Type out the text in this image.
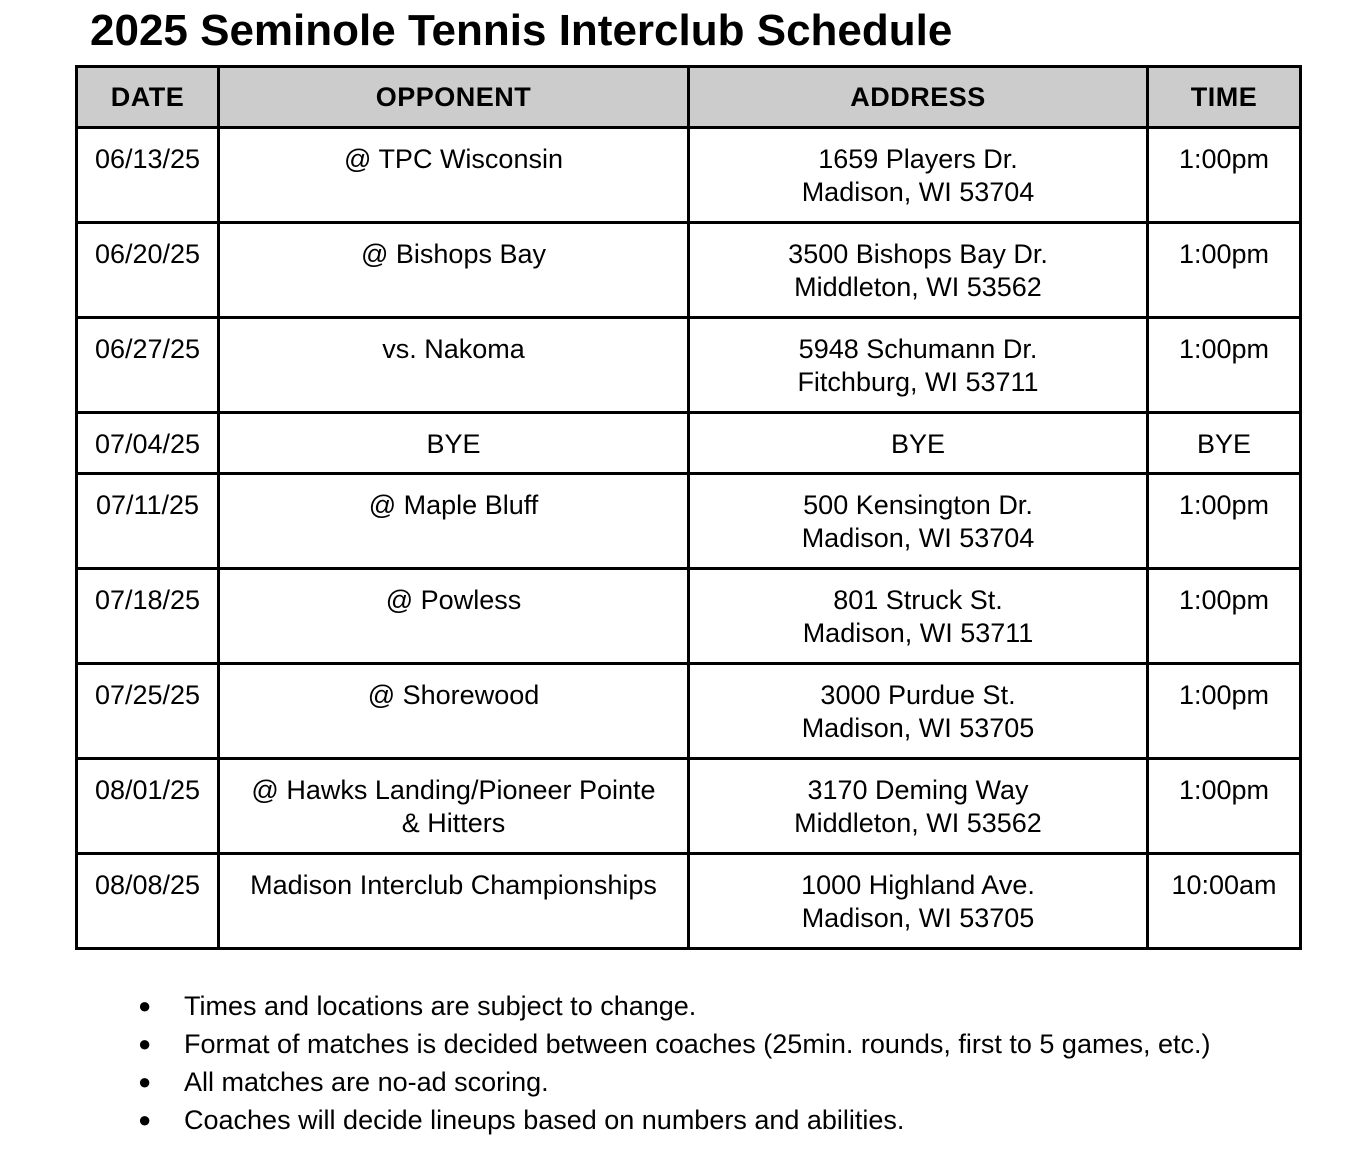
2025 Seminole Tennis Interclub Schedule
DATE	OPPONENT	ADDRESS	TIME
06/13/25	@ TPC Wisconsin	1659 Players Dr.
Madison, WI 53704	1:00pm
06/20/25	@ Bishops Bay	3500 Bishops Bay Dr.
Middleton, WI 53562	1:00pm
06/27/25	vs. Nakoma	5948 Schumann Dr.
Fitchburg, WI 53711	1:00pm
07/04/25	BYE	BYE	BYE
07/11/25	@ Maple Bluff	500 Kensington Dr.
Madison, WI 53704	1:00pm
07/18/25	@ Powless	801 Struck St.
Madison, WI 53711	1:00pm
07/25/25	@ Shorewood	3000 Purdue St.
Madison, WI 53705	1:00pm
08/01/25	@ Hawks Landing/Pioneer Pointe
& Hitters	3170 Deming Way
Middleton, WI 53562	1:00pm
08/08/25	Madison Interclub Championships	1000 Highland Ave.
Madison, WI 53705	10:00am
● Times and locations are subject to change.
● Format of matches is decided between coaches (25min. rounds, first to 5 games, etc.)
● All matches are no-ad scoring.
● Coaches will decide lineups based on numbers and abilities.
